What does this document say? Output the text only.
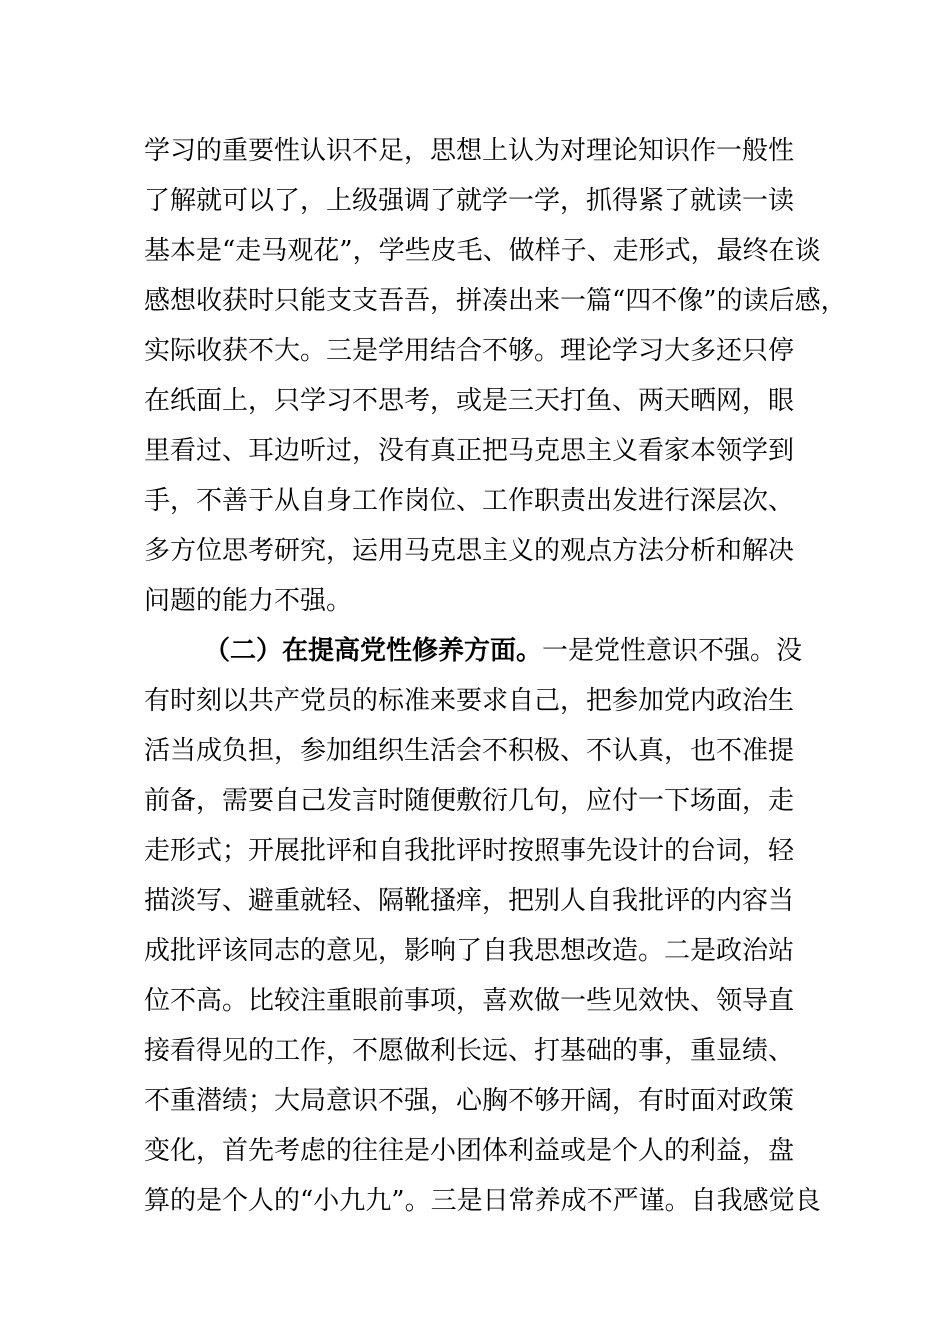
学习的重要性认识不足，思想上认为对理论知识作一般性
了解就可以了，上级强调了就学一学，抓得紧了就读一读
基本是“走马观花”，学些皮毛、做样子、走形式，最终在谈
感想收获时只能支支吾吾，拼凑出来一篇“四不像”的读后感，
实际收获不大。三是学用结合不够。理论学习大多还只停
在纸面上，只学习不思考，或是三天打鱼、两天晒网，眼
里看过、耳边听过，没有真正把马克思主义看家本领学到
手，不善于从自身工作岗位、工作职责出发进行深层次、
多方位思考研究，运用马克思主义的观点方法分析和解决
问题的能力不强。
（二）在提高党性修养方面。一是党性意识不强。没
有时刻以共产党员的标准来要求自己，把参加党内政治生
活当成负担，参加组织生活会不积极、不认真，也不准提
前备，需要自己发言时随便敷衍几句，应付一下场面，走
走形式；开展批评和自我批评时按照事先设计的台词，轻
描淡写、避重就轻、隔靴搔痒，把别人自我批评的内容当
成批评该同志的意见，影响了自我思想改造。二是政治站
位不高。比较注重眼前事项，喜欢做一些见效快、领导直
接看得见的工作，不愿做利长远、打基础的事，重显绩、
不重潜绩；大局意识不强，心胸不够开阔，有时面对政策
变化，首先考虑的往往是小团体利益或是个人的利益，盘
算的是个人的“小九九”。三是日常养成不严谨。自我感觉良
